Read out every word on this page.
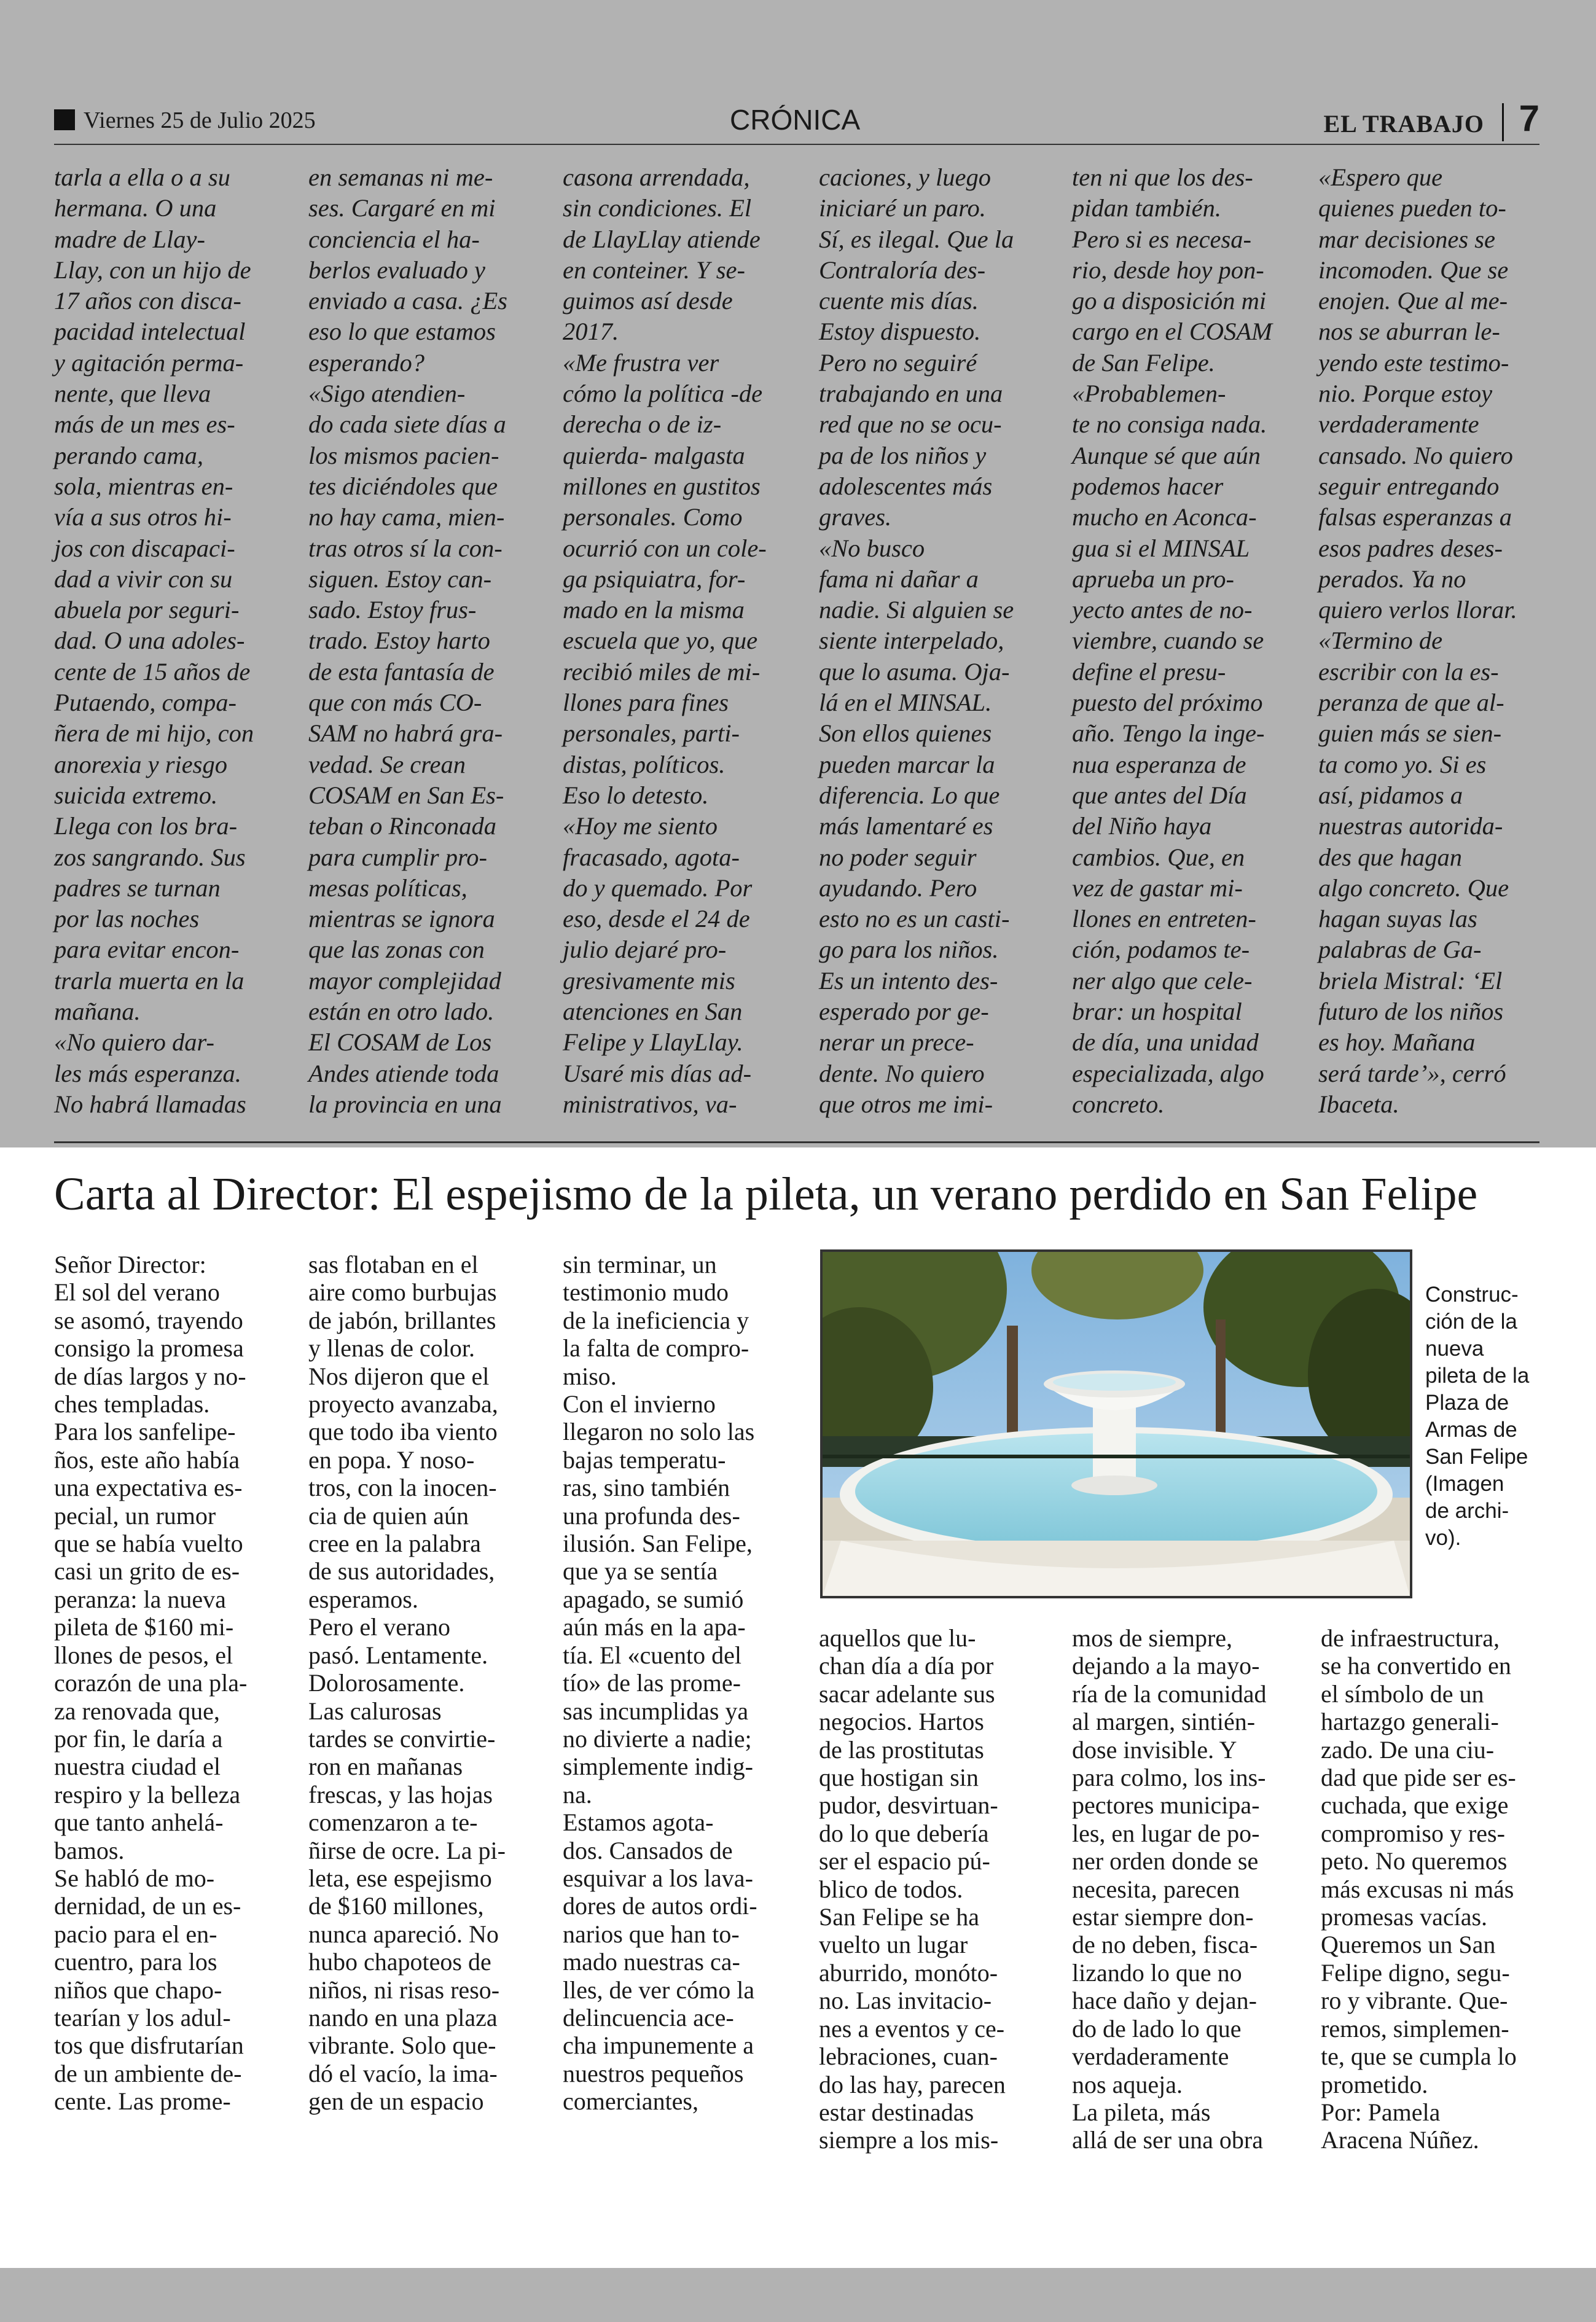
Viernes 25 de Julio 2025	CRÓNICA	EL TRABAJO 7
tarla a ella o a su
hermana. O una
madre de Llay-
Llay, con un hijo de
17 años con disca-
pacidad intelectual
y agitación perma-
nente, que lleva
más de un mes es-
perando cama,
sola, mientras en-
vía a sus otros hi-
jos con discapaci-
dad a vivir con su
abuela por seguri-
dad. O una adoles-
cente de 15 años de
Putaendo, compa-
ñera de mi hijo, con
anorexia y riesgo
suicida extremo.
Llega con los bra-
zos sangrando. Sus
padres se turnan
por las noches
para evitar encon-
trarla muerta en la
mañana.
«No quiero dar-
les más esperanza.
No habrá llamadas
en semanas ni me-
ses. Cargaré en mi
conciencia el ha-
berlos evaluado y
enviado a casa. ¿Es
eso lo que estamos
esperando?
«Sigo atendien-
do cada siete días a
los mismos pacien-
tes diciéndoles que
no hay cama, mien-
tras otros sí la con-
siguen. Estoy can-
sado. Estoy frus-
trado. Estoy harto
de esta fantasía de
que con más CO-
SAM no habrá gra-
vedad. Se crean
COSAM en San Es-
teban o Rinconada
para cumplir pro-
mesas políticas,
mientras se ignora
que las zonas con
mayor complejidad
están en otro lado.
El COSAM de Los
Andes atiende toda
la provincia en una
casona arrendada,
sin condiciones. El
de LlayLlay atiende
en conteiner. Y se-
guimos así desde
2017.
«Me frustra ver
cómo la política -de
derecha o de iz-
quierda- malgasta
millones en gustitos
personales. Como
ocurrió con un cole-
ga psiquiatra, for-
mado en la misma
escuela que yo, que
recibió miles de mi-
llones para fines
personales, parti-
distas, políticos.
Eso lo detesto.
«Hoy me siento
fracasado, agota-
do y quemado. Por
eso, desde el 24 de
julio dejaré pro-
gresivamente mis
atenciones en San
Felipe y LlayLlay.
Usaré mis días ad-
ministrativos, va-
caciones, y luego
iniciaré un paro.
Sí, es ilegal. Que la
Contraloría des-
cuente mis días.
Estoy dispuesto.
Pero no seguiré
trabajando en una
red que no se ocu-
pa de los niños y
adolescentes más
graves.
«No busco
fama ni dañar a
nadie. Si alguien se
siente interpelado,
que lo asuma. Oja-
lá en el MINSAL.
Son ellos quienes
pueden marcar la
diferencia. Lo que
más lamentaré es
no poder seguir
ayudando. Pero
esto no es un casti-
go para los niños.
Es un intento des-
esperado por ge-
nerar un prece-
dente. No quiero
que otros me imi-
ten ni que los des-
pidan también.
Pero si es necesa-
rio, desde hoy pon-
go a disposición mi
cargo en el COSAM
de San Felipe.
«Probablemen-
te no consiga nada.
Aunque sé que aún
podemos hacer
mucho en Aconca-
gua si el MINSAL
aprueba un pro-
yecto antes de no-
viembre, cuando se
define el presu-
puesto del próximo
año. Tengo la inge-
nua esperanza de
que antes del Día
del Niño haya
cambios. Que, en
vez de gastar mi-
llones en entreten-
ción, podamos te-
ner algo que cele-
brar: un hospital
de día, una unidad
especializada, algo
concreto.
«Espero que
quienes pueden to-
mar decisiones se
incomoden. Que se
enojen. Que al me-
nos se aburran le-
yendo este testimo-
nio. Porque estoy
verdaderamente
cansado. No quiero
seguir entregando
falsas esperanzas a
esos padres deses-
perados. Ya no
quiero verlos llorar.
«Termino de
escribir con la es-
peranza de que al-
guien más se sien-
ta como yo. Si es
así, pidamos a
nuestras autorida-
des que hagan
algo concreto. Que
hagan suyas las
palabras de Ga-
briela Mistral: ‘El
futuro de los niños
es hoy. Mañana
será tarde’», cerró
Ibaceta.
Carta al Director: El espejismo de la pileta, un verano perdido en San Felipe
Señor Director:
El sol del verano
se asomó, trayendo
consigo la promesa
de días largos y no-
ches templadas.
Para los sanfelipe-
ños, este año había
una expectativa es-
pecial, un rumor
que se había vuelto
casi un grito de es-
peranza: la nueva
pileta de $160 mi-
llones de pesos, el
corazón de una pla-
za renovada que,
por fin, le daría a
nuestra ciudad el
respiro y la belleza
que tanto anhelá-
bamos.
Se habló de mo-
dernidad, de un es-
pacio para el en-
cuentro, para los
niños que chapo-
tearían y los adul-
tos que disfrutarían
de un ambiente de-
cente. Las prome-
sas flotaban en el
aire como burbujas
de jabón, brillantes
y llenas de color.
Nos dijeron que el
proyecto avanzaba,
que todo iba viento
en popa. Y noso-
tros, con la inocen-
cia de quien aún
cree en la palabra
de sus autoridades,
esperamos.
Pero el verano
pasó. Lentamente.
Dolorosamente.
Las calurosas
tardes se convirtie-
ron en mañanas
frescas, y las hojas
comenzaron a te-
ñirse de ocre. La pi-
leta, ese espejismo
de $160 millones,
nunca apareció. No
hubo chapoteos de
niños, ni risas reso-
nando en una plaza
vibrante. Solo que-
dó el vacío, la ima-
gen de un espacio
sin terminar, un
testimonio mudo
de la ineficiencia y
la falta de compro-
miso.
Con el invierno
llegaron no solo las
bajas temperatu-
ras, sino también
una profunda des-
ilusión. San Felipe,
que ya se sentía
apagado, se sumió
aún más en la apa-
tía. El «cuento del
tío» de las prome-
sas incumplidas ya
no divierte a nadie;
simplemente indig-
na.
Estamos agota-
dos. Cansados de
esquivar a los lava-
dores de autos ordi-
narios que han to-
mado nuestras ca-
lles, de ver cómo la
delincuencia ace-
cha impunemente a
nuestros pequeños
comerciantes,
aquellos que lu-
chan día a día por
sacar adelante sus
negocios. Hartos
de las prostitutas
que hostigan sin
pudor, desvirtuan-
do lo que debería
ser el espacio pú-
blico de todos.
San Felipe se ha
vuelto un lugar
aburrido, monóto-
no. Las invitacio-
nes a eventos y ce-
lebraciones, cuan-
do las hay, parecen
estar destinadas
siempre a los mis-
mos de siempre,
dejando a la mayo-
ría de la comunidad
al margen, sintién-
dose invisible. Y
para colmo, los ins-
pectores municipa-
les, en lugar de po-
ner orden donde se
necesita, parecen
estar siempre don-
de no deben, fisca-
lizando lo que no
hace daño y dejan-
do de lado lo que
verdaderamente
nos aqueja.
La pileta, más
allá de ser una obra
de infraestructura,
se ha convertido en
el símbolo de un
hartazgo generali-
zado. De una ciu-
dad que pide ser es-
cuchada, que exige
compromiso y res-
peto. No queremos
más excusas ni más
promesas vacías.
Queremos un San
Felipe digno, segu-
ro y vibrante. Que-
remos, simplemen-
te, que se cumpla lo
prometido.
Por: Pamela
Aracena Núñez.
Construc-
ción de la
nueva
pileta de la
Plaza de
Armas de
San Felipe
(Imagen
de archi-
vo).
